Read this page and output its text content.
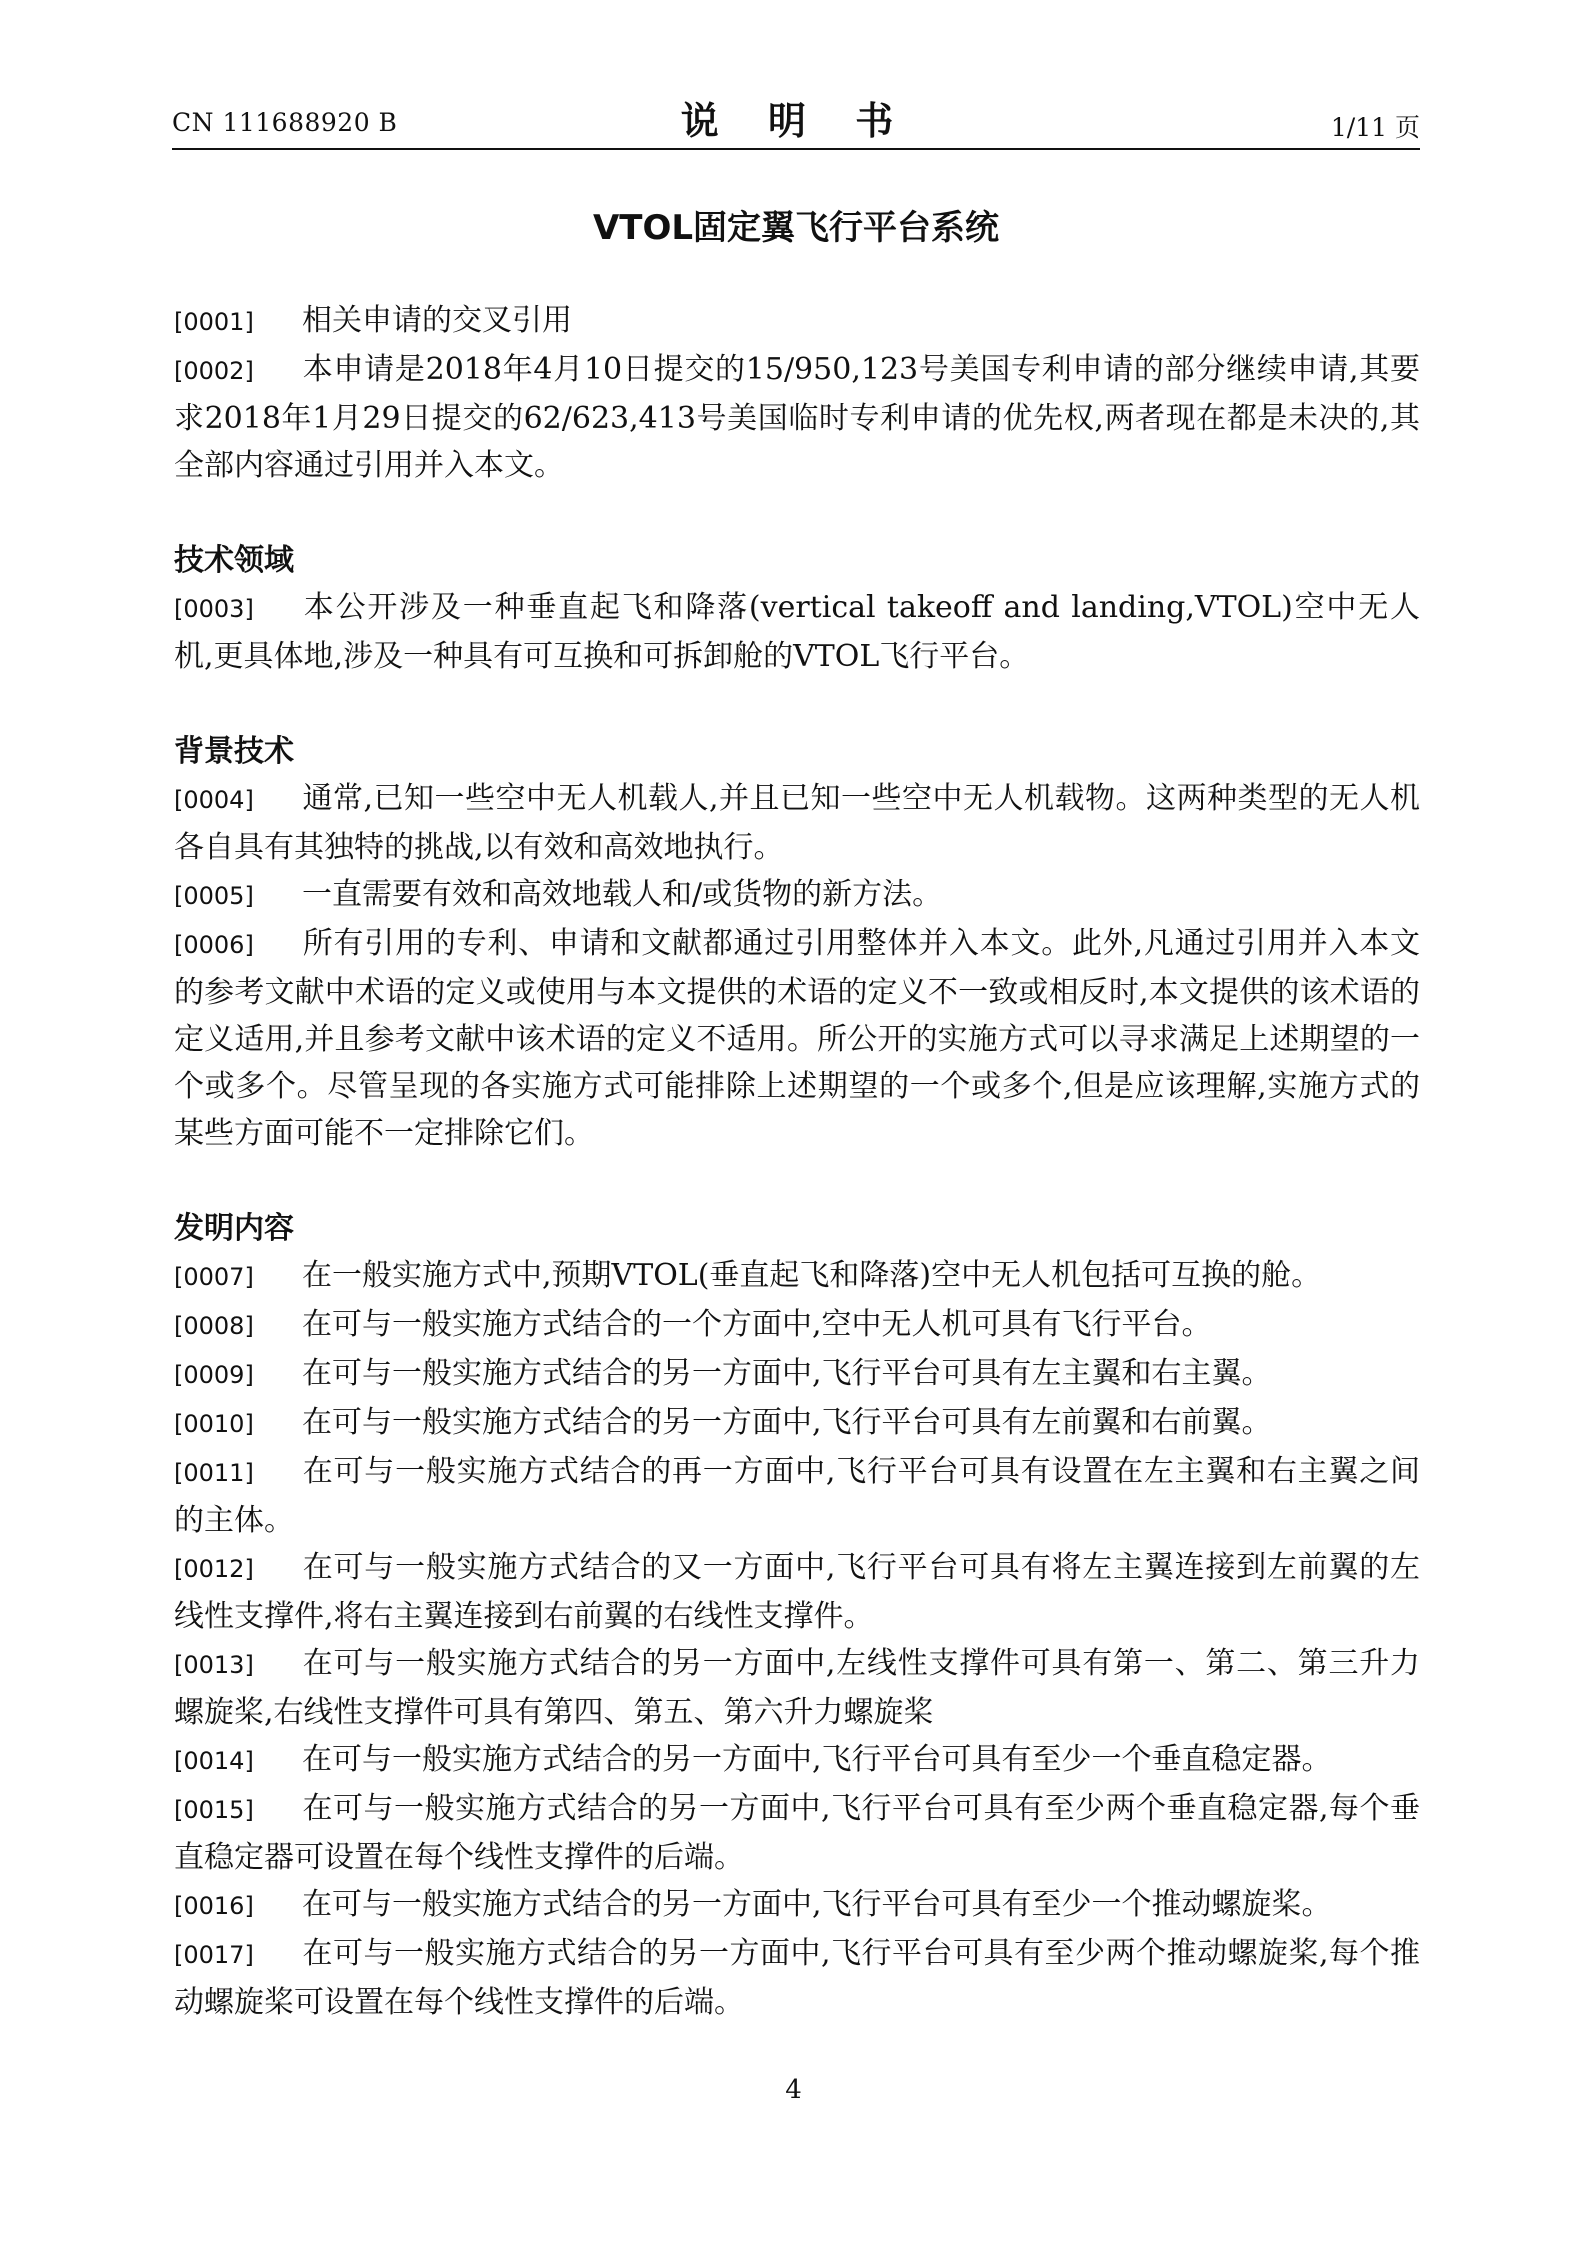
CN 111688920 B	说 明 书	1/11 页
VTOL固定翼飞行平台系统

[0001] 相关申请的交叉引用

[0002] 本申请是2018年4月10日提交的15/950,123号美国专利申请的部分继续申请,其要求2018年1月29日提交的62/623,413号美国临时专利申请的优先权,两者现在都是未决的,其全部内容通过引用并入本文。

技术领域

[0003] 本公开涉及一种垂直起飞和降落(vertical takeoff and landing,VTOL)空中无人机,更具体地,涉及一种具有可互换和可拆卸舱的VTOL飞行平台。

背景技术

[0004] 通常,已知一些空中无人机载人,并且已知一些空中无人机载物。这两种类型的无人机各自具有其独特的挑战,以有效和高效地执行。

[0005] 一直需要有效和高效地载人和/或货物的新方法。

[0006] 所有引用的专利、申请和文献都通过引用整体并入本文。此外,凡通过引用并入本文的参考文献中术语的定义或使用与本文提供的术语的定义不一致或相反时,本文提供的该术语的定义适用,并且参考文献中该术语的定义不适用。所公开的实施方式可以寻求满足上述期望的一个或多个。尽管呈现的各实施方式可能排除上述期望的一个或多个,但是应该理解,实施方式的某些方面可能不一定排除它们。

发明内容

[0007] 在一般实施方式中,预期VTOL(垂直起飞和降落)空中无人机包括可互换的舱。

[0008] 在可与一般实施方式结合的一个方面中,空中无人机可具有飞行平台。

[0009] 在可与一般实施方式结合的另一方面中,飞行平台可具有左主翼和右主翼。

[0010] 在可与一般实施方式结合的另一方面中,飞行平台可具有左前翼和右前翼。

[0011] 在可与一般实施方式结合的再一方面中,飞行平台可具有设置在左主翼和右主翼之间的主体。

[0012] 在可与一般实施方式结合的又一方面中,飞行平台可具有将左主翼连接到左前翼的左线性支撑件,将右主翼连接到右前翼的右线性支撑件。

[0013] 在可与一般实施方式结合的另一方面中,左线性支撑件可具有第一、第二、第三升力螺旋桨,右线性支撑件可具有第四、第五、第六升力螺旋桨

[0014] 在可与一般实施方式结合的另一方面中,飞行平台可具有至少一个垂直稳定器。

[0015] 在可与一般实施方式结合的另一方面中,飞行平台可具有至少两个垂直稳定器,每个垂直稳定器可设置在每个线性支撑件的后端。

[0016] 在可与一般实施方式结合的另一方面中,飞行平台可具有至少一个推动螺旋桨。

[0017] 在可与一般实施方式结合的另一方面中,飞行平台可具有至少两个推动螺旋桨,每个推动螺旋桨可设置在每个线性支撑件的后端。

4
